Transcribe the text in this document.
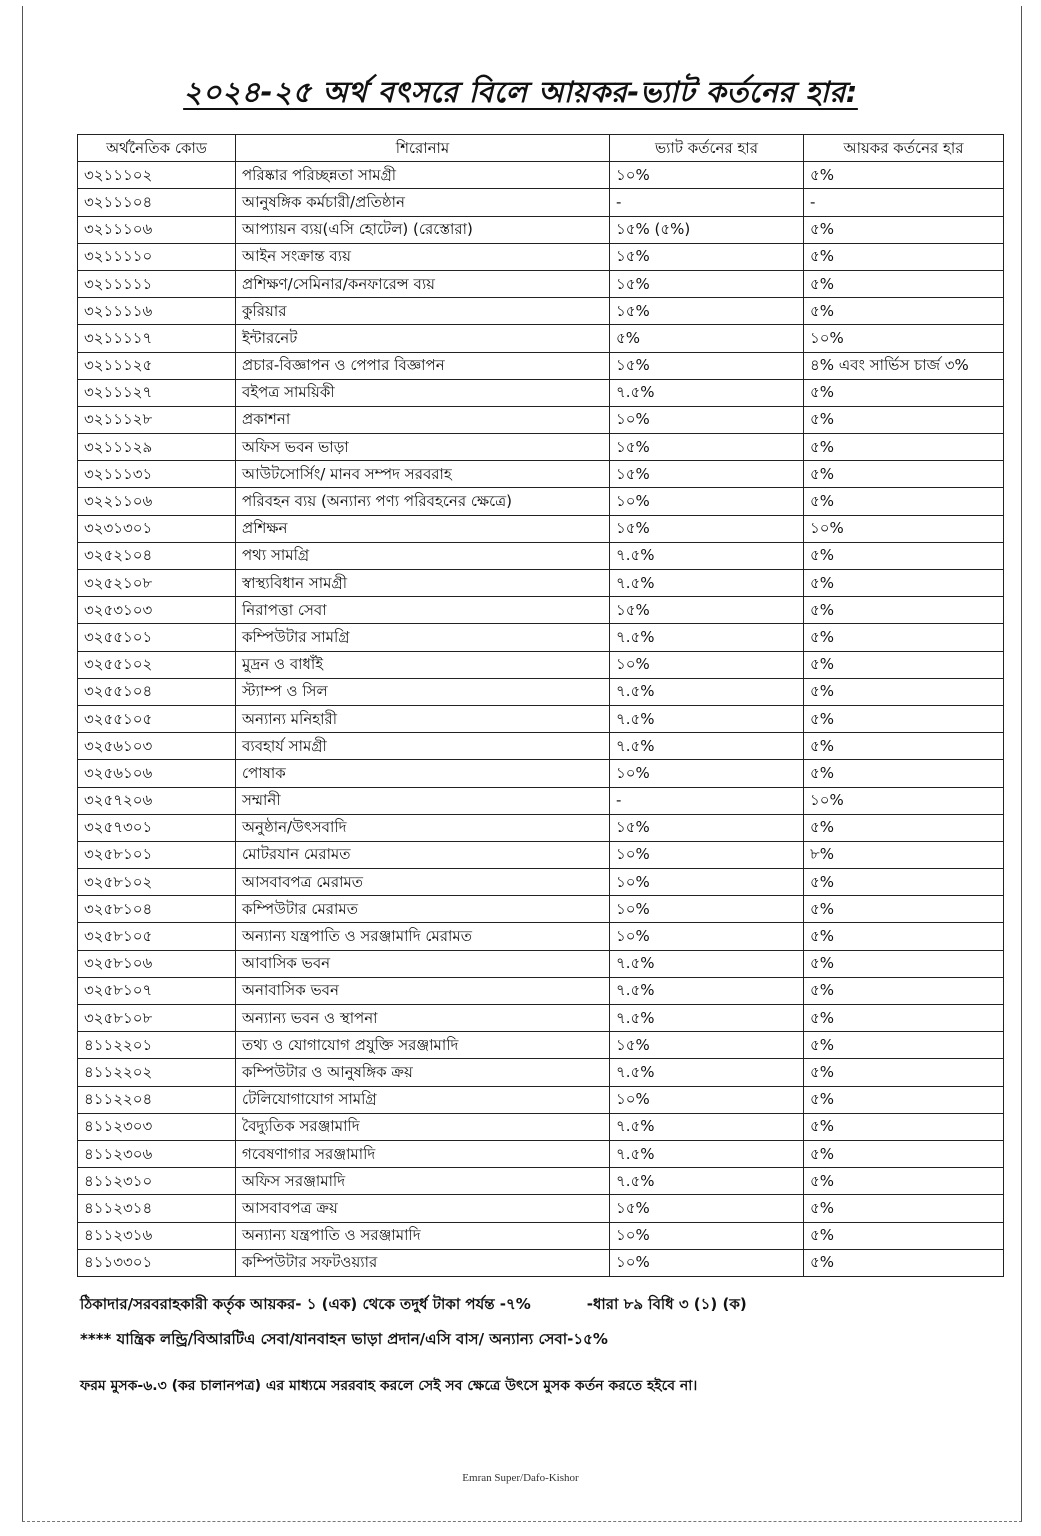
২০২৪-২৫ অর্থ বৎসরে বিলে আয়কর-ভ্যাট কর্তনের হার:
অর্থনৈতিক কোড	শিরোনাম	ভ্যাট কর্তনের হার	আয়কর কর্তনের হার
৩২১১১০২	পরিষ্কার পরিচ্ছন্নতা সামগ্রী	১০%	৫%
৩২১১১০৪	আনুষঙ্গিক কর্মচারী/প্রতিষ্ঠান	-	-
৩২১১১০৬	আপ্যায়ন ব্যয়(এসি হোটেল) (রেস্তোরা)	১৫% (৫%)	৫%
৩২১১১১০	আইন সংক্রান্ত ব্যয়	১৫%	৫%
৩২১১১১১	প্রশিক্ষণ/সেমিনার/কনফারেন্স ব্যয়	১৫%	৫%
৩২১১১১৬	কুরিয়ার	১৫%	৫%
৩২১১১১৭	ইন্টারনেট	৫%	১০%
৩২১১১২৫	প্রচার-বিজ্ঞাপন ও পেপার বিজ্ঞাপন	১৫%	৪% এবং সার্ভিস চার্জ ৩%
৩২১১১২৭	বইপত্র সাময়িকী	৭.৫%	৫%
৩২১১১২৮	প্রকাশনা	১০%	৫%
৩২১১১২৯	অফিস ভবন ভাড়া	১৫%	৫%
৩২১১১৩১	আউটসোর্সিং/ মানব সম্পদ সরবরাহ	১৫%	৫%
৩২২১১০৬	পরিবহন ব্যয় (অন্যান্য পণ্য পরিবহনের ক্ষেত্রে)	১০%	৫%
৩২৩১৩০১	প্রশিক্ষন	১৫%	১০%
৩২৫২১০৪	পথ্য সামগ্রি	৭.৫%	৫%
৩২৫২১০৮	স্বাস্থ্যবিধান সামগ্রী	৭.৫%	৫%
৩২৫৩১০৩	নিরাপত্তা সেবা	১৫%	৫%
৩২৫৫১০১	কম্পিউটার সামগ্রি	৭.৫%	৫%
৩২৫৫১০২	মুদ্রন ও বাধাঁই	১০%	৫%
৩২৫৫১০৪	স্ট্যাম্প ও সিল	৭.৫%	৫%
৩২৫৫১০৫	অন্যান্য মনিহারী	৭.৫%	৫%
৩২৫৬১০৩	ব্যবহার্য সামগ্রী	৭.৫%	৫%
৩২৫৬১০৬	পোষাক	১০%	৫%
৩২৫৭২০৬	সম্মানী	-	১০%
৩২৫৭৩০১	অনুষ্ঠান/উৎসবাদি	১৫%	৫%
৩২৫৮১০১	মোটরযান মেরামত	১০%	৮%
৩২৫৮১০২	আসবাবপত্র মেরামত	১০%	৫%
৩২৫৮১০৪	কম্পিউটার মেরামত	১০%	৫%
৩২৫৮১০৫	অন্যান্য যন্ত্রপাতি ও সরঞ্জামাদি মেরামত	১০%	৫%
৩২৫৮১০৬	আবাসিক ভবন	৭.৫%	৫%
৩২৫৮১০৭	অনাবাসিক ভবন	৭.৫%	৫%
৩২৫৮১০৮	অন্যান্য ভবন ও স্থাপনা	৭.৫%	৫%
৪১১২২০১	তথ্য ও যোগাযোগ প্রযুক্তি সরঞ্জামাদি	১৫%	৫%
৪১১২২০২	কম্পিউটার ও আনুষঙ্গিক ক্রয়	৭.৫%	৫%
৪১১২২০৪	টেলিযোগাযোগ সামগ্রি	১০%	৫%
৪১১২৩০৩	বৈদ্যুতিক সরঞ্জামাদি	৭.৫%	৫%
৪১১২৩০৬	গবেষণাগার সরঞ্জামাদি	৭.৫%	৫%
৪১১২৩১০	অফিস সরঞ্জামাদি	৭.৫%	৫%
৪১১২৩১৪	আসবাবপত্র ক্রয়	১৫%	৫%
৪১১২৩১৬	অন্যান্য যন্ত্রপাতি ও সরঞ্জামাদি	১০%	৫%
৪১১৩৩০১	কম্পিউটার সফটওয়্যার	১০%	৫%
ঠিকাদার/সরবরাহকারী কর্তৃক আয়কর- ১ (এক) থেকে তদুর্ধ টাকা পর্যন্ত -৭%	-ধারা ৮৯ বিধি ৩ (১) (ক)
**** যান্ত্রিক লন্ড্রি/বিআরটিএ সেবা/যানবাহন ভাড়া প্রদান/এসি বাস/ অন্যান্য সেবা-১৫%
ফরম মুসক-৬.৩ (কর চালানপত্র) এর মাধ্যমে সররবাহ করলে সেই সব ক্ষেত্রে উৎসে মুসক কর্তন করতে হইবে না।
Emran Super/Dafo-Kishor
